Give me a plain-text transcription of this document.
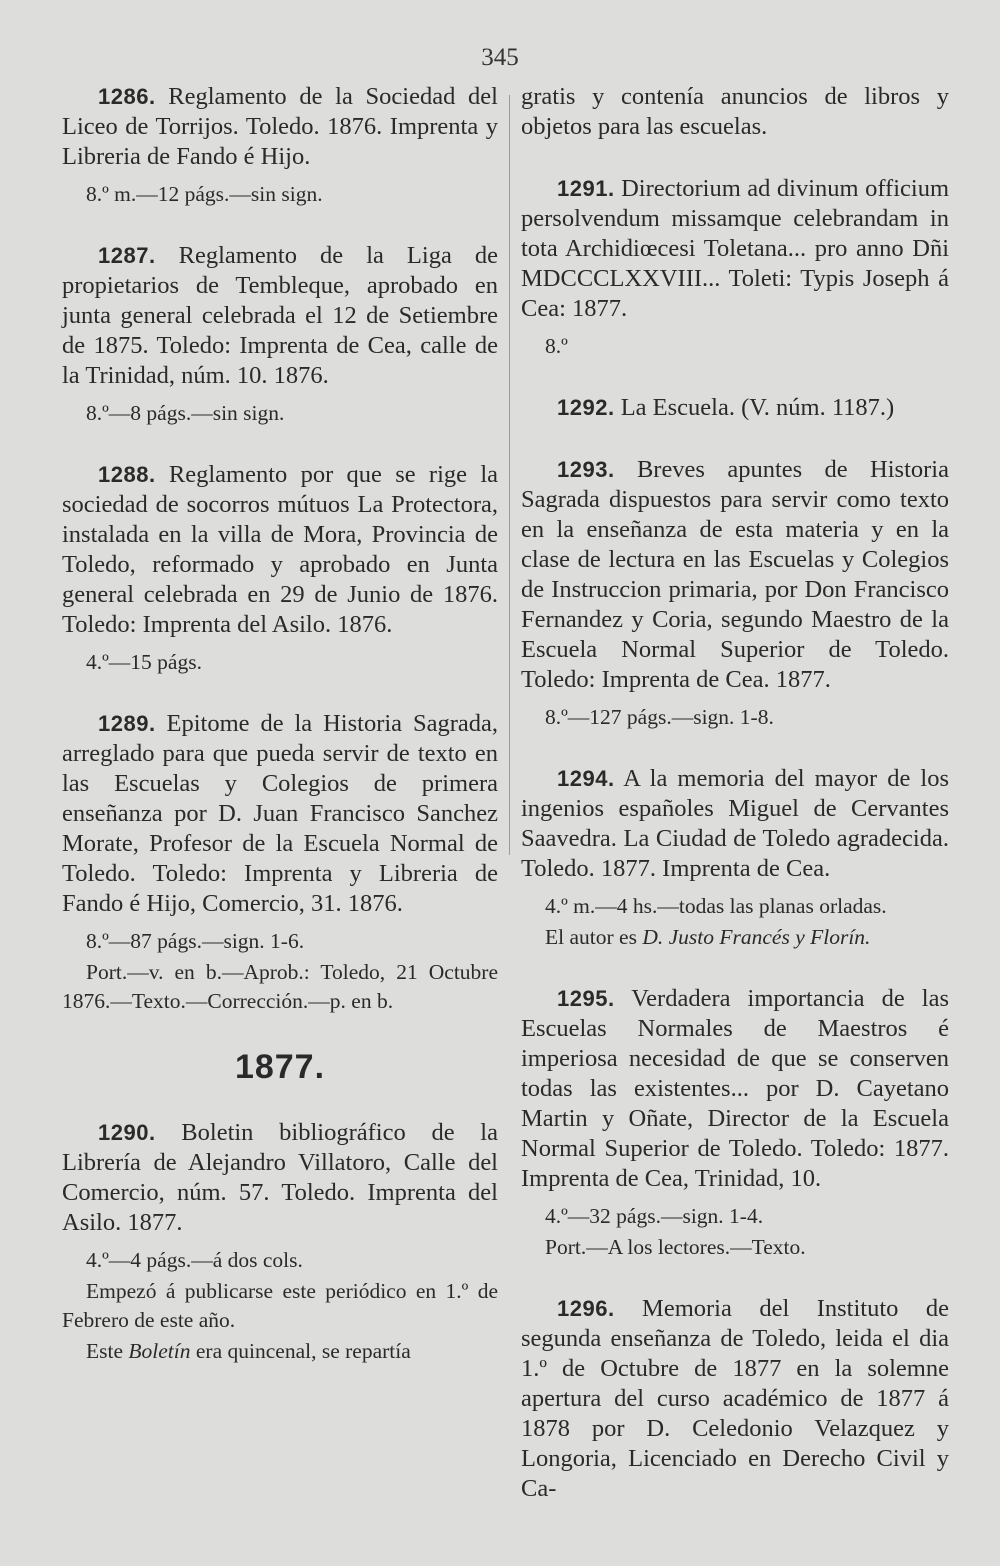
345

1286. Reglamento de la Sociedad del Liceo de Torrijos. Toledo. 1876. Imprenta y Libreria de Fando é Hijo.

8.º m.—12 págs.—sin sign.

1287. Reglamento de la Liga de propietarios de Tembleque, aprobado en junta general celebrada el 12 de Setiembre de 1875. Toledo: Imprenta de Cea, calle de la Trinidad, núm. 10. 1876.

8.º—8 págs.—sin sign.

1288. Reglamento por que se rige la sociedad de socorros mútuos La Protectora, instalada en la villa de Mora, Provincia de Toledo, reformado y aprobado en Junta general celebrada en 29 de Junio de 1876. Toledo: Imprenta del Asilo. 1876.

4.º—15 págs.

1289. Epitome de la Historia Sagrada, arreglado para que pueda servir de texto en las Escuelas y Colegios de primera enseñanza por D. Juan Francisco Sanchez Morate, Profesor de la Escuela Normal de Toledo. Toledo: Imprenta y Libreria de Fando é Hijo, Comercio, 31. 1876.

8.º—87 págs.—sign. 1-6.

Port.—v. en b.—Aprob.: Toledo, 21 Octubre 1876.—Texto.—Corrección.—p. en b.

1877.

1290. Boletin bibliográfico de la Librería de Alejandro Villatoro, Calle del Comercio, núm. 57. Toledo. Imprenta del Asilo. 1877.

4.º—4 págs.—á dos cols.

Empezó á publicarse este periódico en 1.º de Febrero de este año.

Este Boletín era quincenal, se repartía

gratis y contenía anuncios de libros y objetos para las escuelas.

1291. Directorium ad divinum officium persolvendum missamque celebrandam in tota Archidiœcesi Toletana... pro anno Dñi MDCCCLXXVIII... Toleti: Typis Joseph á Cea: 1877.

8.º

1292. La Escuela. (V. núm. 1187.)

1293. Breves apuntes de Historia Sagrada dispuestos para servir como texto en la enseñanza de esta materia y en la clase de lectura en las Escuelas y Colegios de Instruccion primaria, por Don Francisco Fernandez y Coria, segundo Maestro de la Escuela Normal Superior de Toledo. Toledo: Imprenta de Cea. 1877.

8.º—127 págs.—sign. 1-8.

1294. A la memoria del mayor de los ingenios españoles Miguel de Cervantes Saavedra. La Ciudad de Toledo agradecida. Toledo. 1877. Imprenta de Cea.

4.º m.—4 hs.—todas las planas orladas.

El autor es D. Justo Francés y Florín.

1295. Verdadera importancia de las Escuelas Normales de Maestros é imperiosa necesidad de que se conserven todas las existentes... por D. Cayetano Martin y Oñate, Director de la Escuela Normal Superior de Toledo. Toledo: 1877. Imprenta de Cea, Trinidad, 10.

4.º—32 págs.—sign. 1-4.

Port.—A los lectores.—Texto.

1296. Memoria del Instituto de segunda enseñanza de Toledo, leida el dia 1.º de Octubre de 1877 en la solemne apertura del curso académico de 1877 á 1878 por D. Celedonio Velazquez y Longoria, Licenciado en Derecho Civil y Ca-
